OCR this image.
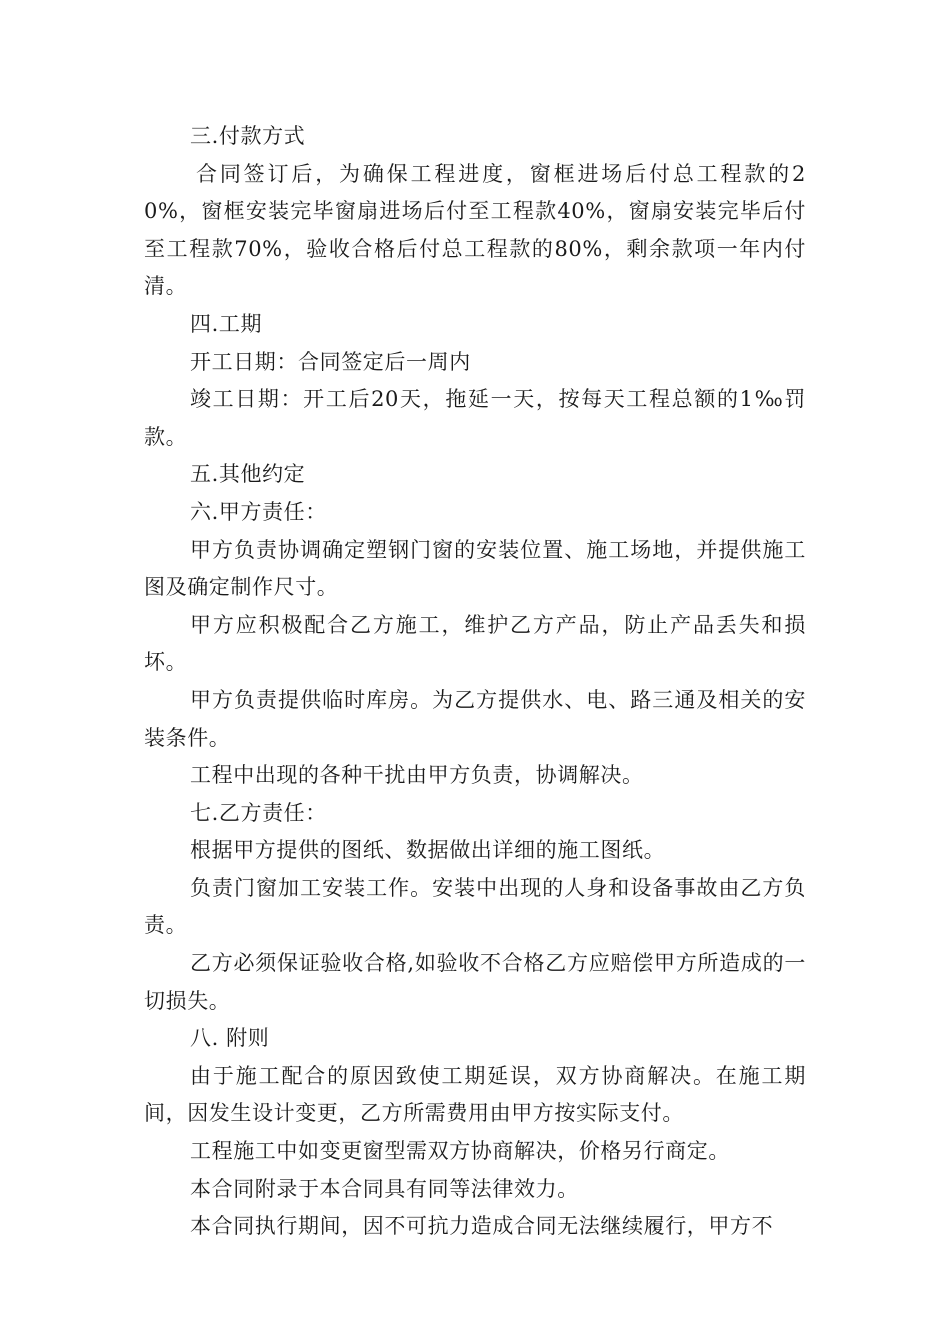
三.付款方式

合同签订后，为确保工程进度，窗框进场后付总工程款的20%，窗框安装完毕窗扇进场后付至工程款40%，窗扇安装完毕后付至工程款70%，验收合格后付总工程款的80%，剩余款项一年内付清。

四.工期

开工日期：合同签定后一周内

竣工日期：开工后20天，拖延一天，按每天工程总额的1‰罚款。

五.其他约定

六.甲方责任：

甲方负责协调确定塑钢门窗的安装位置、施工场地，并提供施工图及确定制作尺寸。

甲方应积极配合乙方施工，维护乙方产品，防止产品丢失和损坏。

甲方负责提供临时库房。为乙方提供水、电、路三通及相关的安装条件。

工程中出现的各种干扰由甲方负责，协调解决。

七.乙方责任：

根据甲方提供的图纸、数据做出详细的施工图纸。

负责门窗加工安装工作。安装中出现的人身和设备事故由乙方负责。

乙方必须保证验收合格,如验收不合格乙方应赔偿甲方所造成的一切损失。

八. 附则

由于施工配合的原因致使工期延误，双方协商解决。在施工期间，因发生设计变更，乙方所需费用由甲方按实际支付。

工程施工中如变更窗型需双方协商解决，价格另行商定。

本合同附录于本合同具有同等法律效力。

本合同执行期间，因不可抗力造成合同无法继续履行，甲方不
